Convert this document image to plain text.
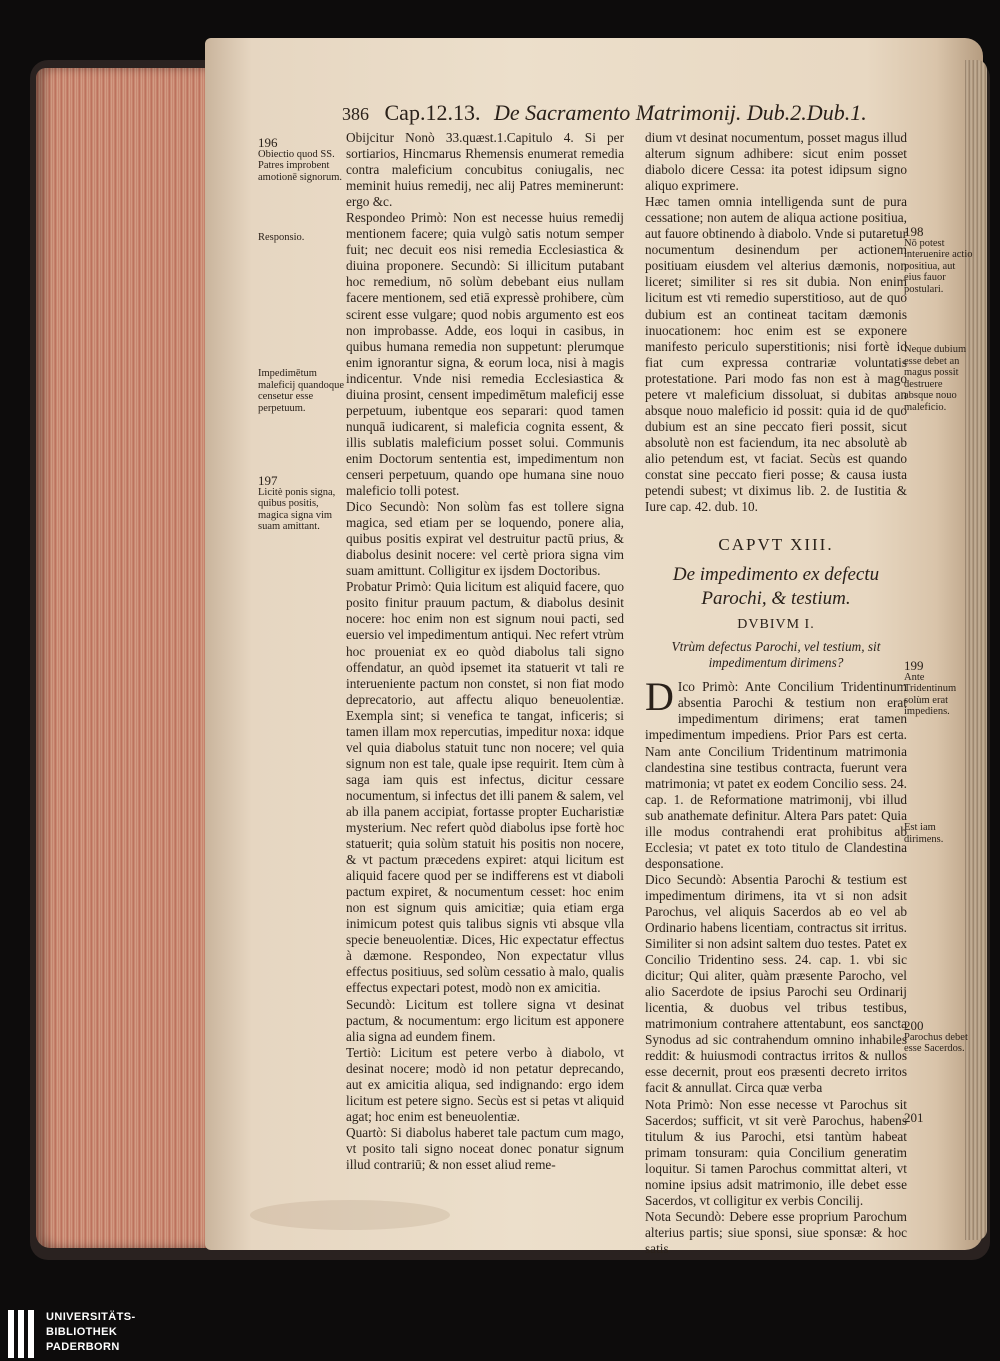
386 Cap.12.13. De Sacramento Matrimonij. Dub.2.Dub.1.
196
Obiectio quod SS. Patres improbent amotionē signorum.
Responsio.
Impedimētum maleficij quandoque censetur esse perpetuum.
197
Licitè ponis signa, quibus positis, magica signa vim suam amittant.
198
Nō potest interuenire actio positiua, aut eius fauor postulari.
Neque dubium esse debet an magus possit destruere absque nouo maleficio.
199
Ante Tridentinum solùm erat impediens.
Est iam dirimens.
200
Parochus debet esse Sacerdos.
201

Obijcitur Nonò 33.quæst.1.Capitulo 4. Si per sortiarios, Hincmarus Rhemensis enumerat remedia contra maleficium concubitus coniugalis, nec meminit huius remedij, nec alij Patres meminerunt: ergo &c.

Respondeo Primò: Non est necesse huius remedij mentionem facere; quia vulgò satis notum semper fuit; nec decuit eos nisi remedia Ecclesiastica & diuina proponere. Secundò: Si illicitum putabant hoc remedium, nō solùm debebant eius nullam facere mentionem, sed etiā expressè prohibere, cùm scirent esse vulgare; quod nobis argumento est eos non improbasse. Adde, eos loqui in casibus, in quibus humana remedia non suppetunt: plerumque enim ignorantur signa, & eorum loca, nisi à magis indicentur. Vnde nisi remedia Ecclesiastica & diuina prosint, censent impedimētum maleficij esse perpetuum, iubentque eos separari: quod tamen nunquā iudicarent, si maleficia cognita essent, & illis sublatis maleficium posset solui. Communis enim Doctorum sententia est, impedimentum non censeri perpetuum, quando ope humana sine nouo maleficio tolli potest.

Dico Secundò: Non solùm fas est tollere signa magica, sed etiam per se loquendo, ponere alia, quibus positis expirat vel destruitur pactū prius, & diabolus desinit nocere: vel certè priora signa vim suam amittunt. Colligitur ex ijsdem Doctoribus.

Probatur Primò: Quia licitum est aliquid facere, quo posito finitur prauum pactum, & diabolus desinit nocere: hoc enim non est signum noui pacti, sed euersio vel impedimentum antiqui. Nec refert vtrùm hoc proueniat ex eo quòd diabolus tali signo offendatur, an quòd ipsemet ita statuerit vt tali re interueniente pactum non constet, si non fiat modo deprecatorio, aut affectu aliquo beneuolentiæ. Exempla sint; si venefica te tangat, inficeris; si tamen illam mox repercutias, impeditur noxa: idque vel quia diabolus statuit tunc non nocere; vel quia signum non est tale, quale ipse requirit. Item cùm à saga iam quis est infectus, dicitur cessare nocumentum, si infectus det illi panem & salem, vel ab illa panem accipiat, fortasse propter Eucharistiæ mysterium. Nec refert quòd diabolus ipse fortè hoc statuerit; quia solùm statuit his positis non nocere, & vt pactum præcedens expiret: atqui licitum est aliquid facere quod per se indifferens est vt diaboli pactum expiret, & nocumentum cesset: hoc enim non est signum quis amicitiæ; quia etiam erga inimicum potest quis talibus signis vti absque vlla specie beneuolentiæ. Dices, Hic expectatur effectus à dæmone. Respondeo, Non expectatur vllus effectus positiuus, sed solùm cessatio à malo, qualis effectus expectari potest, modò non ex amicitia.

Secundò: Licitum est tollere signa vt desinat pactum, & nocumentum: ergo licitum est apponere alia signa ad eundem finem.

Tertiò: Licitum est petere verbo à diabolo, vt desinat nocere; modò id non petatur deprecando, aut ex amicitia aliqua, sed indignando: ergo idem licitum est petere signo. Secùs est si petas vt aliquid agat; hoc enim est beneuolentiæ.

Quartò: Si diabolus haberet tale pactum cum mago, vt posito tali signo noceat donec ponatur signum illud contrariū; & non esset aliud reme-

dium vt desinat nocumentum, posset magus illud alterum signum adhibere: sicut enim posset diabolo dicere Cessa: ita potest idipsum signo aliquo exprimere.

Hæc tamen omnia intelligenda sunt de pura cessatione; non autem de aliqua actione positiua, aut fauore obtinendo à diabolo. Vnde si putaretur nocumentum desinendum per actionem positiuam eiusdem vel alterius dæmonis, non liceret; similiter si res sit dubia. Non enim licitum est vti remedio superstitioso, aut de quo dubium est an contineat tacitam dæmonis inuocationem: hoc enim est se exponere manifesto periculo superstitionis; nisi fortè id fiat cum expressa contrariæ voluntatis protestatione. Pari modo fas non est à mago petere vt maleficium dissoluat, si dubitas an absque nouo maleficio id possit: quia id de quo dubium est an sine peccato fieri possit, sicut absolutè non est faciendum, ita nec absolutè ab alio petendum est, vt faciat. Secùs est quando constat sine peccato fieri posse; & causa iusta petendi subest; vt diximus lib. 2. de Iustitia & Iure cap. 42. dub. 10.

CAPVT XIII.
De impedimento ex defectu Parochi, & testium.
DVBIVM I.
Vtrùm defectus Parochi, vel testium, sit impedimentum dirimens?

D Ico Primò: Ante Concilium Tridentinum absentia Parochi & testium non erat impedimentum dirimens; erat tamen impedimentum impediens. Prior Pars est certa. Nam ante Concilium Tridentinum matrimonia clandestina sine testibus contracta, fuerunt vera matrimonia; vt patet ex eodem Concilio sess. 24. cap. 1. de Reformatione matrimonij, vbi illud sub anathemate definitur. Altera Pars patet: Quia ille modus contrahendi erat prohibitus ab Ecclesia; vt patet ex toto titulo de Clandestina desponsatione.

Dico Secundò: Absentia Parochi & testium est impedimentum dirimens, ita vt si non adsit Parochus, vel aliquis Sacerdos ab eo vel ab Ordinario habens licentiam, contractus sit irritus. Similiter si non adsint saltem duo testes. Patet ex Concilio Tridentino sess. 24. cap. 1. vbi sic dicitur; Qui aliter, quàm præsente Parocho, vel alio Sacerdote de ipsius Parochi seu Ordinarij licentia, & duobus vel tribus testibus, matrimonium contrahere attentabunt, eos sancta Synodus ad sic contrahendum omnino inhabiles reddit: & huiusmodi contractus irritos & nullos esse decernit, prout eos præsenti decreto irritos facit & annullat. Circa quæ verba

Nota Primò: Non esse necesse vt Parochus sit Sacerdos; sufficit, vt sit verè Parochus, habens titulum & ius Parochi, etsi tantùm habeat primam tonsuram: quia Concilium generatim loquitur. Si tamen Parochus committat alteri, vt nomine ipsius adsit matrimonio, ille debet esse Sacerdos, vt colligitur ex verbis Concilij.

Nota Secundò: Debere esse proprium Parochum alterius partis; siue sponsi, siue sponsæ: & hoc satis

UNIVERSITÄTS-
BIBLIOTHEK
PADERBORN
